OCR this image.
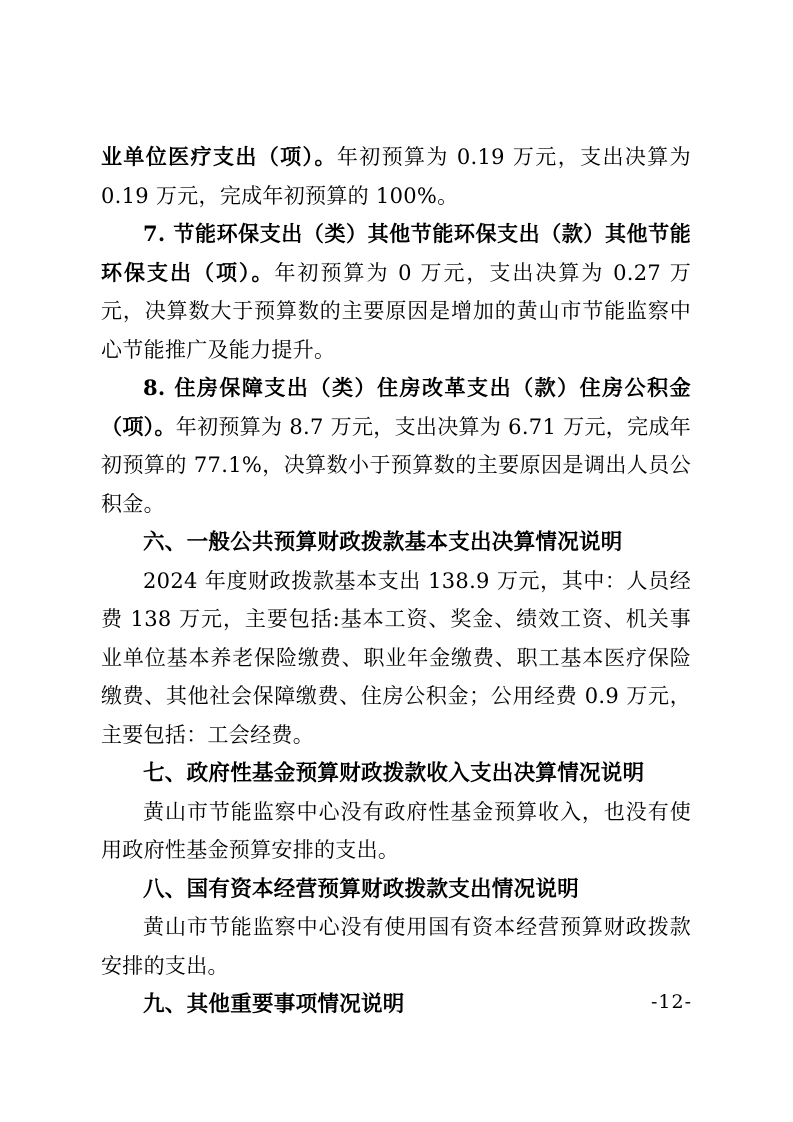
业单位医疗支出（项）。年初预算为 0.19 万元，支出决算为 0.19 万元，完成年初预算的 100%。
7. 节能环保支出（类）其他节能环保支出（款）其他节能环保支出（项）。年初预算为 0 万元，支出决算为 0.27 万元，决算数大于预算数的主要原因是增加的黄山市节能监察中心节能推广及能力提升。
8. 住房保障支出（类）住房改革支出（款）住房公积金（项）。年初预算为 8.7 万元，支出决算为 6.71 万元，完成年初预算的 77.1%，决算数小于预算数的主要原因是调出人员公积金。
六、一般公共预算财政拨款基本支出决算情况说明
2024 年度财政拨款基本支出 138.9 万元，其中：人员经费 138 万元，主要包括:基本工资、奖金、绩效工资、机关事业单位基本养老保险缴费、职业年金缴费、职工基本医疗保险缴费、其他社会保障缴费、住房公积金；公用经费 0.9 万元，主要包括：工会经费。
七、政府性基金预算财政拨款收入支出决算情况说明
黄山市节能监察中心没有政府性基金预算收入，也没有使用政府性基金预算安排的支出。
八、国有资本经营预算财政拨款支出情况说明
黄山市节能监察中心没有使用国有资本经营预算财政拨款安排的支出。
九、其他重要事项情况说明	-12-
